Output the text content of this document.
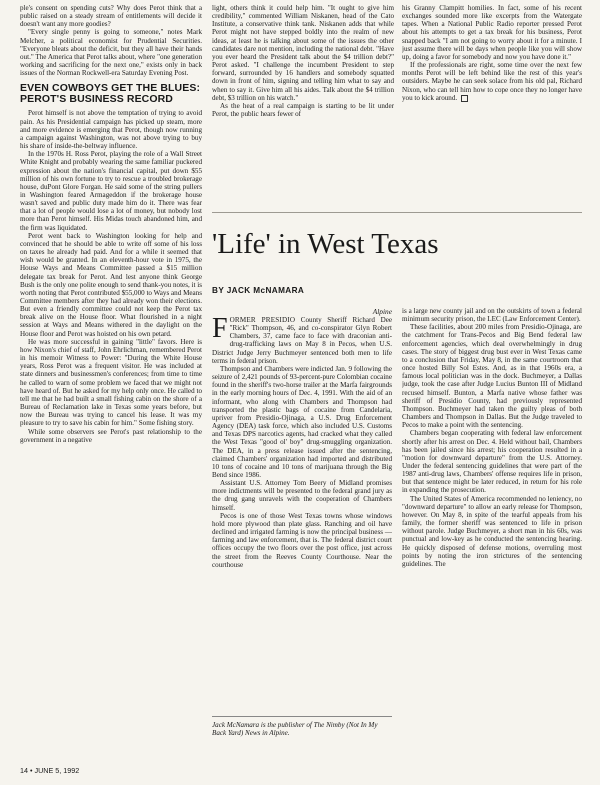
ple's consent on spending cuts? Why does Perot think that a public raised on a steady stream of entitlements will decide it doesn't want any more goodies?

"Every single penny is going to someone," notes Mark Melcher, a political economist for Prudential Securities. "Everyone bleats about the deficit, but they all have their hands out." The America that Perot talks about, where "one generation working and sacrificing for the next one," exists only in back issues of the Norman Rockwell-era Saturday Evening Post.

EVEN COWBOYS GET THE BLUES: PEROT'S BUSINESS RECORD

Perot himself is not above the temptation of trying to avoid pain. As his Presidential campaign has picked up steam, more and more evidence is emerging that Perot, though now running a campaign against Washington, was not above trying to buy his share of inside-the-beltway influence.

In the 1970s H. Ross Perot, playing the role of a Wall Street White Knight and probably wearing the same familiar puckered expression about the nation's financial capital, put down $55 million of his own fortune to try to rescue a troubled brokerage house, duPont Glore Forgan. He said some of the string pullers in Washington feared Armageddon if the brokerage house wasn't saved and public duty made him do it. There was fear that a lot of people would lose a lot of money, but nobody lost more than Perot himself. His Midas touch abandoned him, and the firm was liquidated.

Perot went back to Washington looking for help and convinced that he should be able to write off some of his loss on taxes he already had paid. And for a while it seemed that wish would be granted. In an eleventh-hour vote in 1975, the House Ways and Means Committee passed a $15 million delegate tax break for Perot. And lest anyone think George Bush is the only one polite enough to send thank-you notes, it is worth noting that Perot contributed $55,000 to Ways and Means Committee members after they had already won their elections. But even a friendly committee could not keep the Perot tax break alive on the House floor. What flourished in a night session at Ways and Means withered in the daylight on the House floor and Perot was hoisted on his own petard.

He was more successful in gaining "little" favors. Here is how Nixon's chief of staff, John Ehrlichman, remembered Perot in his memoir Witness to Power: "During the White House years, Ross Perot was a frequent visitor. He was included at state dinners and businessmen's conferences; from time to time he called to warn of some problem we faced that we might not have heard of. But he asked for my help only once. He called to tell me that he had built a small fishing cabin on the shore of a Bureau of Reclamation lake in Texas some years before, but now the Bureau was trying to cancel his lease. It was my pleasure to try to save his cabin for him." Some fishing story.

While some observers see Perot's past relationship to the government in a negative

light, others think it could help him. "It ought to give him credibility," commented William Niskanen, head of the Cato Institute, a conservative think tank. Niskanen adds that while Perot might not have stepped boldly into the realm of new ideas, at least he is talking about some of the issues the other candidates dare not mention, including the national debt. "Have you ever heard the President talk about the $4 trillion debt?" Perot asked. "I challenge the incumbent President to step forward, surrounded by 16 handlers and somebody squatted down in front of him, signing and telling him what to say and when to say it. Give him all his aides. Talk about the $4 trillion debt, $3 trillion on his watch."

As the heat of a real campaign is starting to be lit under Perot, the public hears fewer of

his Granny Clampitt homilies. In fact, some of his recent exchanges sounded more like excerpts from the Watergate tapes. When a National Public Radio reporter pressed Perot about his attempts to get a tax break for his business, Perot snapped back "I am not going to worry about it for a minute. I just assume there will be days when people like you will show up, doing a favor for somebody and now you have done it."

If the professionals are right, some time over the next few months Perot will be left behind like the rest of this year's outsiders. Maybe he can seek solace from his old pal, Richard Nixon, who can tell him how to cope once they no longer have you to kick around.

'Life' in West Texas
BY JACK McNAMARA
Alpine

FORMER PRESIDIO County Sheriff Richard Dee "Rick" Thompson, 46, and co-conspirator Glyn Robert Chambers, 37, came face to face with draconian anti-drug-trafficking laws on May 8 in Pecos, when U.S. District Judge Jerry Buchmeyer sentenced both men to life terms in federal prison.

Thompson and Chambers were indicted Jan. 9 following the seizure of 2,421 pounds of 93-percent-pure Colombian cocaine found in the sheriff's two-horse trailer at the Marfa fairgrounds in the early morning hours of Dec. 4, 1991. With the aid of an informant, who along with Chambers and Thompson had transported the plastic bags of cocaine from Candelaria, upriver from Presidio-Ojinaga, a U.S. Drug Enforcement Agency (DEA) task force, which also included U.S. Customs and Texas DPS narcotics agents, had cracked what they called the West Texas "good ol' boy" drug-smuggling organization. The DEA, in a press release issued after the sentencing, claimed Chambers' organization had imported and distributed 10 tons of cocaine and 10 tons of marijuana through the Big Bend since 1986.

Assistant U.S. Attorney Tom Beery of Midland promises more indictments will be presented to the federal grand jury as the drug gang unravels with the cooperation of Chambers himself.

Pecos is one of those West Texas towns whose windows hold more plywood than plate glass. Ranching and oil have declined and irrigated farming is now the principal business — farming and law enforcement, that is. The federal district court offices occupy the two floors over the post office, just across the street from the Reeves County Courthouse. Near the courthouse

is a large new county jail and on the outskirts of town a federal minimum security prison, the LEC (Law Enforcement Center).

These facilities, about 200 miles from Presidio-Ojinaga, are the catchment for Trans-Pecos and Big Bend federal law enforcement agencies, which deal overwhelmingly in drug cases. The story of biggest drug bust ever in West Texas came to a conclusion that Friday, May 8, in the same courtroom that once hosted Billy Sol Estes. And, as in that 1960s era, a famous local politician was in the dock. Buchmeyer, a Dallas judge, took the case after Judge Lucius Bunton III of Midland recused himself. Bunton, a Marfa native whose father was sheriff of Presidio County, had previously represented Thompson. Buchmeyer had taken the guilty pleas of both Chambers and Thompson in Dallas. But the Judge traveled to Pecos to make a point with the sentencing.

Chambers began cooperating with federal law enforcement shortly after his arrest on Dec. 4. Held without bail, Chambers has been jailed since his arrest; his cooperation resulted in a "motion for downward departure" from the U.S. Attorney. Under the federal sentencing guidelines that were part of the 1987 anti-drug laws, Chambers' offense requires life in prison, but that sentence might be later reduced, in return for his role in expanding the prosecution.

The United States of America recommended no leniency, no "downward departure" to allow an early release for Thompson, however. On May 8, in spite of the tearful appeals from his family, the former sheriff was sentenced to life in prison without parole. Judge Buchmeyer, a short man in his 60s, was punctual and low-key as he conducted the sentencing hearing. He quickly disposed of defense motions, overruling most points by noting the iron strictures of the sentencing guidelines. The

Jack McNamara is the publisher of The Nimby (Not In My Back Yard) News in Alpine.
14 • JUNE 5, 1992
